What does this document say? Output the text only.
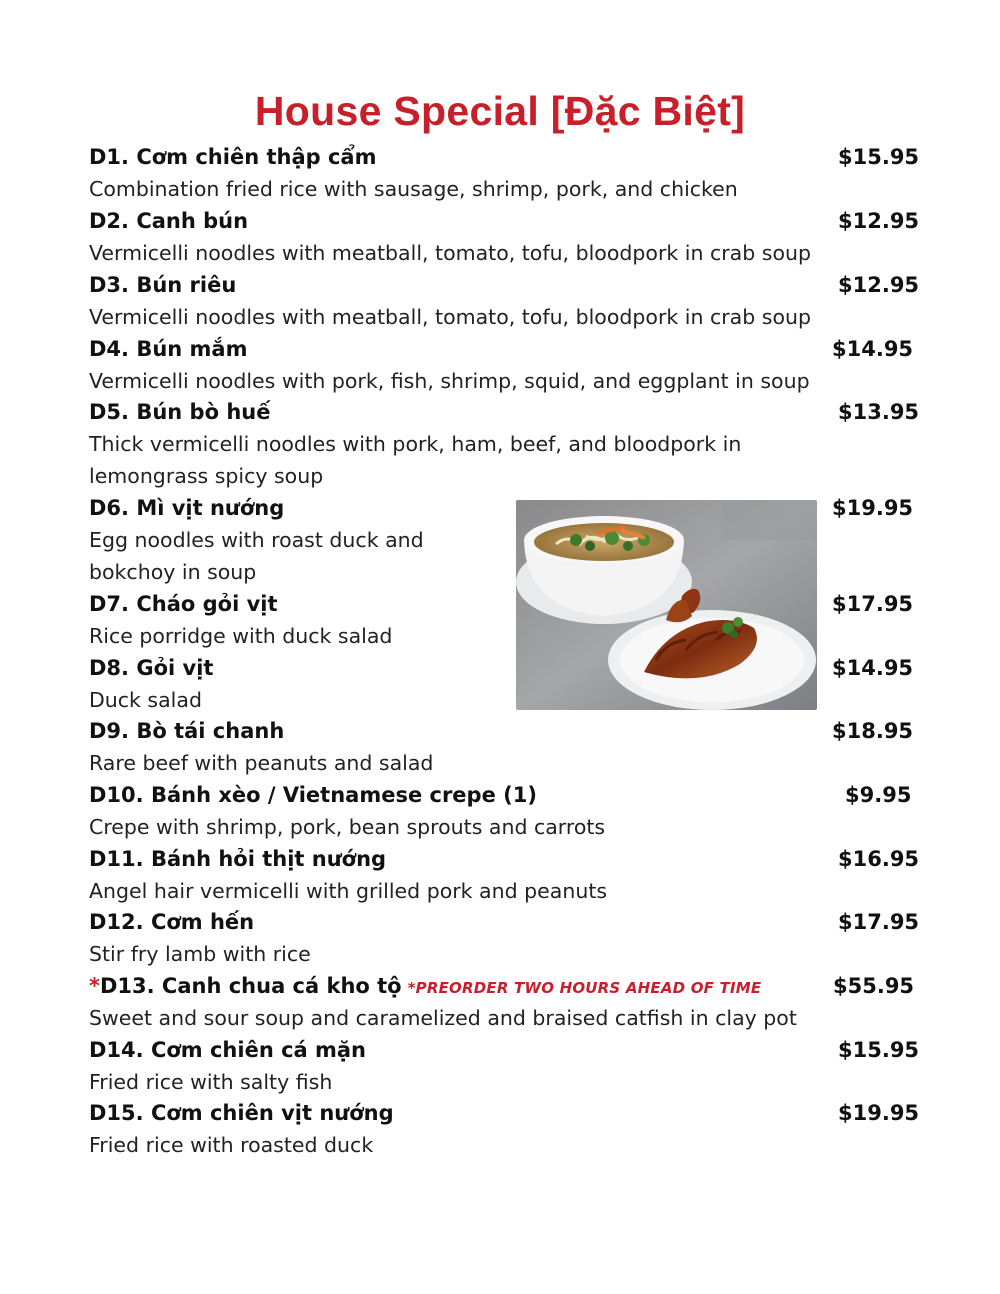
House Special [Đặc Biệt]
D1. Cơm chiên thập cẩm	$15.95
Combination fried rice with sausage, shrimp, pork, and chicken
D2. Canh bún	$12.95
Vermicelli noodles with meatball, tomato, tofu, bloodpork in crab soup
D3. Bún riêu	$12.95
Vermicelli noodles with meatball, tomato, tofu, bloodpork in crab soup
D4. Bún mắm	$14.95
Vermicelli noodles with pork, fish, shrimp, squid, and eggplant in soup
D5. Bún bò huế	$13.95
Thick vermicelli noodles with pork, ham, beef, and bloodpork in
lemongrass spicy soup
D6. Mì vịt nướng	$19.95
Egg noodles with roast duck and
bokchoy in soup
D7. Cháo gỏi vịt	$17.95
Rice porridge with duck salad
D8. Gỏi vịt	$14.95
Duck salad
D9. Bò tái chanh	$18.95
Rare beef with peanuts and salad
D10. Bánh xèo / Vietnamese crepe (1)	$9.95
Crepe with shrimp, pork, bean sprouts and carrots
D11. Bánh hỏi thịt nướng	$16.95
Angel hair vermicelli with grilled pork and peanuts
D12. Cơm hến	$17.95
Stir fry lamb with rice
*D13. Canh chua cá kho tộ *PREORDER TWO HOURS AHEAD OF TIME	$55.95
Sweet and sour soup and caramelized and braised catfish in clay pot
D14. Cơm chiên cá mặn	$15.95
Fried rice with salty fish
D15. Cơm chiên vịt nướng	$19.95
Fried rice with roasted duck
